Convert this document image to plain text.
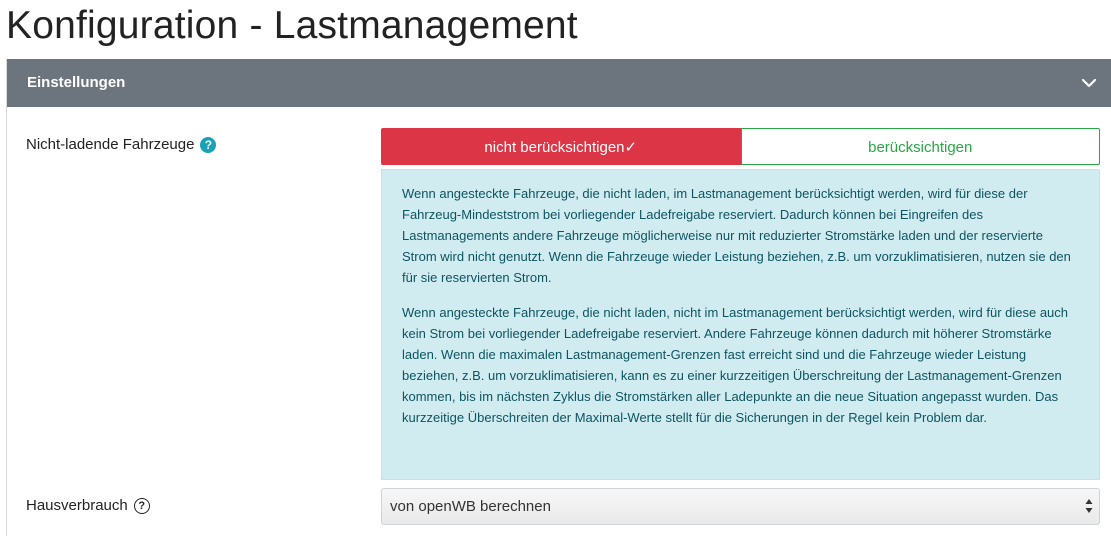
Konfiguration - Lastmanagement
Einstellungen
Nicht-ladende Fahrzeuge ?	nicht berücksichtigen✓	berücksichtigen

Wenn angesteckte Fahrzeuge, die nicht laden, im Lastmanagement berücksichtigt werden, wird für diese der Fahrzeug-Mindeststrom bei vorliegender Ladefreigabe reserviert. Dadurch können bei Eingreifen des Lastmanagements andere Fahrzeuge möglicherweise nur mit reduzierter Stromstärke laden und der reservierte Strom wird nicht genutzt. Wenn die Fahrzeuge wieder Leistung beziehen, z.B. um vorzuklimatisieren, nutzen sie den für sie reservierten Strom.

Wenn angesteckte Fahrzeuge, die nicht laden, nicht im Lastmanagement berücksichtigt werden, wird für diese auch kein Strom bei vorliegender Ladefreigabe reserviert. Andere Fahrzeuge können dadurch mit höherer Stromstärke laden. Wenn die maximalen Lastmanagement-Grenzen fast erreicht sind und die Fahrzeuge wieder Leistung beziehen, z.B. um vorzuklimatisieren, kann es zu einer kurzzeitigen Überschreitung der Lastmanagement-Grenzen kommen, bis im nächsten Zyklus die Stromstärken aller Ladepunkte an die neue Situation angepasst wurden. Das kurzzeitige Überschreiten der Maximal-Werte stellt für die Sicherungen in der Regel kein Problem dar.

Hausverbrauch ?	von openWB berechnen
